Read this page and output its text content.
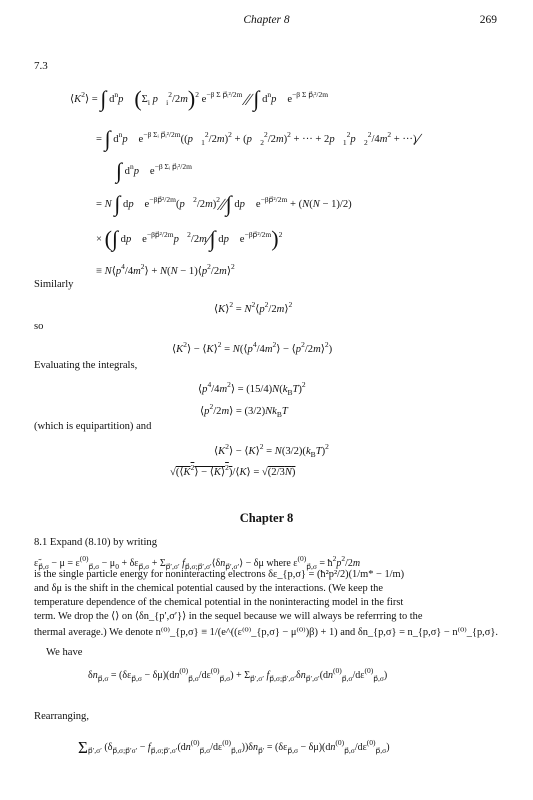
Chapter 8	269
7.3
$⟨K^2⟩$ = ∫ $d^np⃗$ ($\Sigma_i$ $p⃗_i^2/2m)^2$ $e^{-\beta \Sigma p⃗ᵢ^2/2m}$ ∕∕ ∫ $d^np⃗$ $e^{-\beta \Sigma p⃗ᵢ^2/2m}$
= ∫ $d^np⃗$ $e^{-\beta \Sigma ᵢ p⃗ᵢ^2/2m}((p⃗_1^2/2m)^2$ + $(p⃗_2^2/2m)^2$ + ··· + $2p⃗_1^2p⃗_2^2/4m^2$ + ···)∕
∫ $d^np⃗$ $e^{-\beta \Sigma ᵢ p⃗ᵢ^2/2m}$
= N ∫ dp⃗ $e^{-\beta p⃗^2/2m}(p⃗^2/2m)^2∕∕\int$ dp⃗ $e^{-\beta p⃗^2/2m} + (N(N - 1)/2)$
× (∫ dp⃗ $e^{-\beta p⃗^2/2m}p⃗^2/2m∕\int$ dp⃗ $e^{-\beta p⃗^2/2m})^2$
≡ $N⟨p^4/4m^2⟩ + N(N$ − $1)⟨p^2/2m⟩^2$
Similarly
⟨K⟩$^2$ = $N^2⟨p^2/2m⟩^2$
so
$⟨K^2⟩$ − ⟨K⟩$^2$ = $N(⟨p^4/4m^2⟩$ − $⟨p^2/2m⟩^2$)
Evaluating the integrals,
$⟨p^4/4m^2⟩ = (15/4)N(k_BT)^2$
$⟨p^2/2m⟩ = (3/2)Nk_BT$
(which is equipartition) and
$⟨K^2⟩$ − ⟨K⟩$^2$ = $N(3/2)(k_BT)^2$
$√(⟨K^2⟩$ − ⟨K⟩$^2$)/⟨K⟩ = √(2/3N)
Chapter 8
8.1 Expand (8.10) by writing
$\varepsiloñ_{p⃗,\sigma} - \mu = \varepsilon^{(0)}_{p⃗,\sigma} - \mu_0 + \delta\varepsilon_{p⃗,\sigma} + \Sigma_{p⃗',\sigma'}$ $f_{p⃗,\sigma;p⃗',\sigma'}⟨\delta n_{p⃗',\sigma'}⟩ - \delta\mu$ where $\varepsilon^{(0)}_{p⃗,\sigma}$ = $ħ^2p^2/2m$
is the single particle energy for noninteracting electrons δε_{p,σ} = (ħ²p²/2)(1/m* − 1/m)
and δμ is the shift in the chemical potential caused by the interactions. (We keep the
temperature dependence of the chemical potential in the noninteracting model in the first
term. We drop the ⟨⟩ on ⟨δn_{p′,σ′}⟩ in the sequel because we will always be referrring to the
thermal average.) We denote n⁽⁰⁾_{p,σ} ≡ 1/(e^((ε⁽⁰⁾_{p,σ} − μ⁽⁰⁾)β) + 1) and δn_{p,σ} = n_{p,σ} − n⁽⁰⁾_{p,σ}.
We have
$\delta n_{p⃗,\sigma} = (\delta\varepsilon_{p⃗,\sigma} - \delta\mu)(dn^{(0)}_{p⃗,\sigma}/d\varepsilon^{(0)}_{p⃗,\sigma}) + \Sigma_{p⃗',\sigma'}$ $f_{p⃗,\sigma;p⃗',\sigma'}\delta n_{p⃗',\sigma'}(dn^{(0)}_{p⃗,\sigma}/d\varepsilon^{(0)}_{p⃗,\sigma})$
Rearranging,
$\Sigma_{p⃗',\sigma'}$ $(\delta_{p⃗,\sigma;p⃗'\sigma'} - f_{p⃗,\sigma;p⃗',\sigma'}(dn^{(0)}_{p⃗,\sigma}/d\varepsilon^{(0)}_{p⃗,\sigma}))\delta n_{p⃗'} = (\delta\varepsilon_{p⃗,\sigma} - \delta\mu)(dn^{(0)}_{p⃗,\sigma}/d\varepsilon^{(0)}_{p⃗,\sigma})$
